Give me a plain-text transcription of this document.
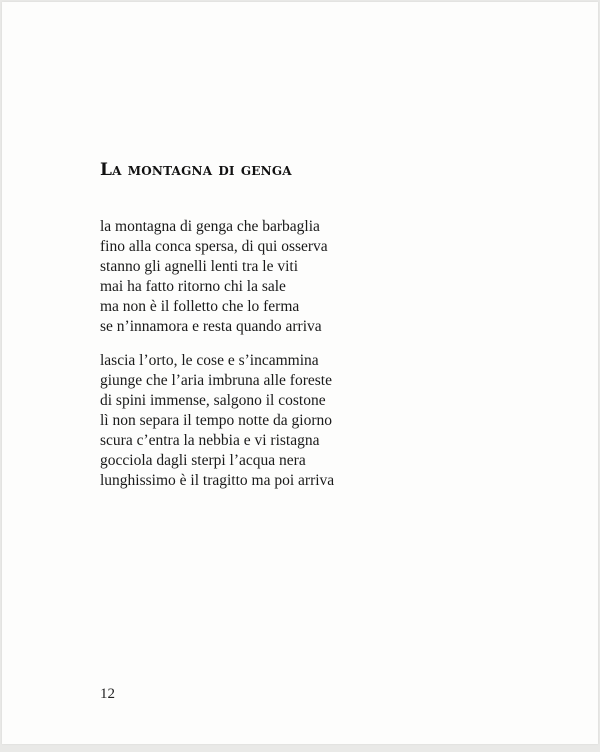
La montagna di genga
la montagna di genga che barbaglia
fino alla conca spersa, di qui osserva
stanno gli agnelli lenti tra le viti
mai ha fatto ritorno chi la sale
ma non è il folletto che lo ferma
se n’innamora e resta quando arriva
lascia l’orto, le cose e s’incammina
giunge che l’aria imbruna alle foreste
di spini immense, salgono il costone
lì non separa il tempo notte da giorno
scura c’entra la nebbia e vi ristagna
gocciola dagli sterpi l’acqua nera
lunghissimo è il tragitto ma poi arriva
12
